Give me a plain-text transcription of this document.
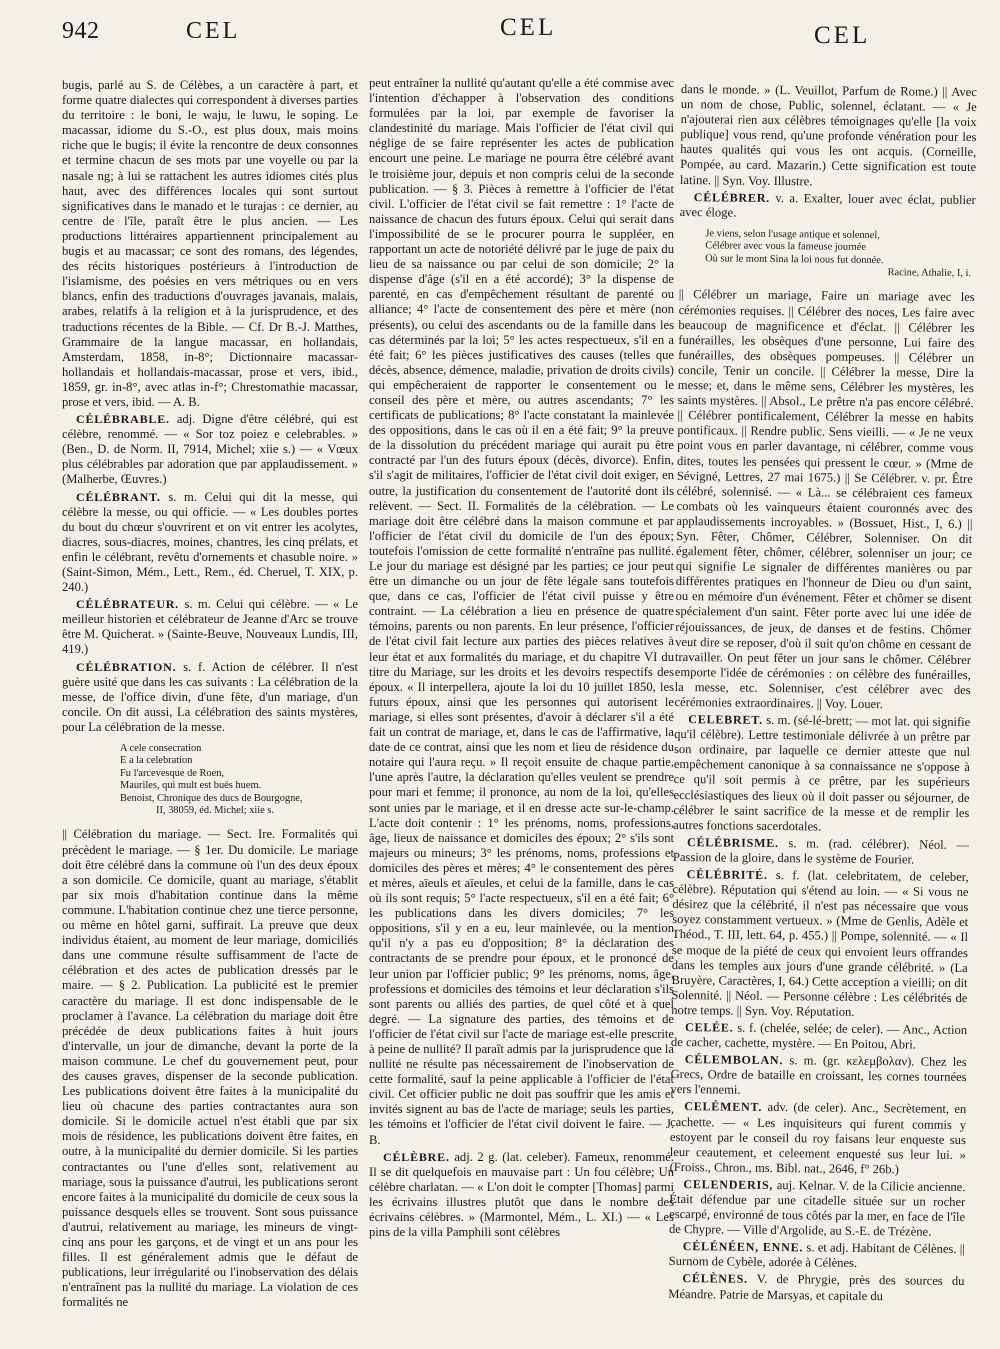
942	CEL	CEL	CEL

bugis, parlé au S. de Célèbes, a un caractère à part, et forme quatre dialectes qui correspondent à diverses parties du territoire : le boni, le waju, le luwu, le soping. Le macassar, idiome du S.-O., est plus doux, mais moins riche que le bugis; il évite la rencontre de deux consonnes et termine chacun de ses mots par une voyelle ou par la nasale ng; à lui se rattachent les autres idiomes cités plus haut, avec des différences locales qui sont surtout significatives dans le manado et le turajas : ce dernier, au centre de l'île, paraît être le plus ancien. — Les productions littéraires appartiennent principalement au bugis et au macassar; ce sont des romans, des légendes, des récits historiques postérieurs à l'introduction de l'islamisme, des poésies en vers métriques ou en vers blancs, enfin des traductions d'ouvrages javanais, malais, arabes, relatifs à la religion et à la jurisprudence, et des traductions récentes de la Bible. — Cf. Dr B.-J. Matthes, Grammaire de la langue macassar, en hollandais, Amsterdam, 1858, in-8°; Dictionnaire macassar-hollandais et hollandais-macassar, prose et vers, ibid., 1859, gr. in-8°, avec atlas in-f°; Chrestomathie macassar, prose et vers, ibid. — A. B.

CÉLÉBRABLE. adj. Digne d'être célébré, qui est célèbre, renommé. — « Sor toz poiez e celebrables. » (Ben., D. de Norm. II, 7914, Michel; xiie s.) — « Vœux plus célébrables par adoration que par applaudissement. » (Malherbe, Œuvres.)

CÉLÉBRANT. s. m. Celui qui dit la messe, qui célèbre la messe, ou qui officie. — « Les doubles portes du bout du chœur s'ouvrirent et on vit entrer les acolytes, diacres, sous-diacres, moines, chantres, les cinq prélats, et enfin le célébrant, revêtu d'ornements et chasuble noire. » (Saint-Simon, Mém., Lett., Rem., éd. Cheruel, T. XIX, p. 240.)

CÉLÉBRATEUR. s. m. Celui qui célèbre. — « Le meilleur historien et célébrateur de Jeanne d'Arc se trouve être M. Quicherat. » (Sainte-Beuve, Nouveaux Lundis, III, 419.)

CÉLÉBRATION. s. f. Action de célébrer. Il n'est guère usité que dans les cas suivants : La célébration de la messe, de l'office divin, d'une fête, d'un mariage, d'un concile. On dit aussi, La célébration des saints mystères, pour La célébration de la messe.

A cele consecration
E a la celebration
Fu l'arcevesque de Roen,
Mauriles, qui mult est bués huem.
Benoist, Chronique des ducs de Bourgogne,
II, 38059, éd. Michel; xiie s.

|| Célébration du mariage. — Sect. Ire. Formalités qui précèdent le mariage. — § 1er. Du domicile. Le mariage doit être célébré dans la commune où l'un des deux époux a son domicile. Ce domicile, quant au mariage, s'établit par six mois d'habitation continue dans la même commune. L'habitation continue chez une tierce personne, ou même en hôtel garni, suffirait. La preuve que deux individus étaient, au moment de leur mariage, domiciliés dans une commune résulte suffisamment de l'acte de célébration et des actes de publication dressés par le maire. — § 2. Publication. La publicité est le premier caractère du mariage. Il est donc indispensable de le proclamer à l'avance. La célébration du mariage doit être précédée de deux publications faites à huit jours d'intervalle, un jour de dimanche, devant la porte de la maison commune. Le chef du gouvernement peut, pour des causes graves, dispenser de la seconde publication. Les publications doivent être faites à la municipalité du lieu où chacune des parties contractantes aura son domicile. Si le domicile actuel n'est établi que par six mois de résidence, les publications doivent être faites, en outre, à la municipalité du dernier domicile. Si les parties contractantes ou l'une d'elles sont, relativement au mariage, sous la puissance d'autrui, les publications seront encore faites à la municipalité du domicile de ceux sous la puissance desquels elles se trouvent. Sont sous puissance d'autrui, relativement au mariage, les mineurs de vingt-cinq ans pour les garçons, et de vingt et un ans pour les filles. Il est généralement admis que le défaut de publications, leur irrégularité ou l'inobservation des délais n'entraînent pas la nullité du mariage. La violation de ces formalités ne

peut entraîner la nullité qu'autant qu'elle a été commise avec l'intention d'échapper à l'observation des conditions formulées par la loi, par exemple de favoriser la clandestinité du mariage. Mais l'officier de l'état civil qui néglige de se faire représenter les actes de publication encourt une peine. Le mariage ne pourra être célébré avant le troisième jour, depuis et non compris celui de la seconde publication. — § 3. Pièces à remettre à l'officier de l'état civil. L'officier de l'état civil se fait remettre : 1° l'acte de naissance de chacun des futurs époux. Celui qui serait dans l'impossibilité de se le procurer pourra le suppléer, en rapportant un acte de notoriété délivré par le juge de paix du lieu de sa naissance ou par celui de son domicile; 2° la dispense d'âge (s'il en a été accordé); 3° la dispense de parenté, en cas d'empêchement résultant de parenté ou alliance; 4° l'acte de consentement des père et mère (non présents), ou celui des ascendants ou de la famille dans les cas déterminés par la loi; 5° les actes respectueux, s'il en a été fait; 6° les pièces justificatives des causes (telles que décès, absence, démence, maladie, privation de droits civils) qui empêcheraient de rapporter le consentement ou le conseil des père et mère, ou autres ascendants; 7° les certificats de publications; 8° l'acte constatant la mainlevée des oppositions, dans le cas où il en a été fait; 9° la preuve de la dissolution du précédent mariage qui aurait pu être contracté par l'un des futurs époux (décès, divorce). Enfin, s'il s'agit de militaires, l'officier de l'état civil doit exiger, en outre, la justification du consentement de l'autorité dont ils relèvent. — Sect. II. Formalités de la célébration. — Le mariage doit être célébré dans la maison commune et par l'officier de l'état civil du domicile de l'un des époux; toutefois l'omission de cette formalité n'entraîne pas nullité. Le jour du mariage est désigné par les parties; ce jour peut être un dimanche ou un jour de fête légale sans toutefois que, dans ce cas, l'officier de l'état civil puisse y être contraint. — La célébration a lieu en présence de quatre témoins, parents ou non parents. En leur présence, l'officier de l'état civil fait lecture aux parties des pièces relatives à leur état et aux formalités du mariage, et du chapitre VI du titre du Mariage, sur les droits et les devoirs respectifs des époux. « Il interpellera, ajoute la loi du 10 juillet 1850, les futurs époux, ainsi que les personnes qui autorisent le mariage, si elles sont présentes, d'avoir à déclarer s'il a été fait un contrat de mariage, et, dans le cas de l'affirmative, la date de ce contrat, ainsi que les nom et lieu de résidence du notaire qui l'aura reçu. » Il reçoit ensuite de chaque partie, l'une après l'autre, la déclaration qu'elles veulent se prendre pour mari et femme; il prononce, au nom de la loi, qu'elles sont unies par le mariage, et il en dresse acte sur-le-champ. L'acte doit contenir : 1° les prénoms, noms, professions, âge, lieux de naissance et domiciles des époux; 2° s'ils sont majeurs ou mineurs; 3° les prénoms, noms, professions et domiciles des pères et mères; 4° le consentement des pères et mères, aïeuls et aïeules, et celui de la famille, dans le cas où ils sont requis; 5° l'acte respectueux, s'il en a été fait; 6° les publications dans les divers domiciles; 7° les oppositions, s'il y en a eu, leur mainlevée, ou la mention qu'il n'y a pas eu d'opposition; 8° la déclaration des contractants de se prendre pour époux, et le prononcé de leur union par l'officier public; 9° les prénoms, noms, âge, professions et domiciles des témoins et leur déclaration s'ils sont parents ou alliés des parties, de quel côté et à quel degré. — La signature des parties, des témoins et de l'officier de l'état civil sur l'acte de mariage est-elle prescrite à peine de nullité? Il paraît admis par la jurisprudence que la nullité ne résulte pas nécessairement de l'inobservation de cette formalité, sauf la peine applicable à l'officier de l'état civil. Cet officier public ne doit pas souffrir que les amis et invités signent au bas de l'acte de mariage; seuls les parties, les témoins et l'officier de l'état civil doivent le faire. — J. B.

CÉLÈBRE. adj. 2 g. (lat. celeber). Fameux, renommé. Il se dit quelquefois en mauvaise part : Un fou célèbre; Un célèbre charlatan. — « L'on doit le compter [Thomas] parmi les écrivains illustres plutôt que dans le nombre des écrivains célèbres. » (Marmontel, Mém., L. XI.) — « Les pins de la villa Pamphili sont célèbres

dans le monde. » (L. Veuillot, Parfum de Rome.) || Avec un nom de chose, Public, solennel, éclatant. — « Je n'ajouterai rien aux célèbres témoignages qu'elle [la voix publique] vous rend, qu'une profonde vénération pour les hautes qualités qui vous les ont acquis. (Corneille, Pompée, au card. Mazarin.) Cette signification est toute latine. || Syn. Voy. Illustre.

CÉLÉBRER. v. a. Exalter, louer avec éclat, publier avec éloge.

Je viens, selon l'usage antique et solennel,
Célébrer avec vous la fameuse journée
Où sur le mont Sina la loi nous fut donnée.
Racine, Athalie, I, i.

|| Célébrer un mariage, Faire un mariage avec les cérémonies requises. || Célébrer des noces, Les faire avec beaucoup de magnificence et d'éclat. || Célébrer les funérailles, les obsèques d'une personne, Lui faire des funérailles, des obsèques pompeuses. || Célébrer un concile, Tenir un concile. || Célébrer la messe, Dire la messe; et, dans le même sens, Célébrer les mystères, les saints mystères. || Absol., Le prêtre n'a pas encore célébré. || Célébrer pontificalement, Célébrer la messe en habits pontificaux. || Rendre public. Sens vieilli. — « Je ne veux point vous en parler davantage, ni célébrer, comme vous dites, toutes les pensées qui pressent le cœur. » (Mme de Sévigné, Lettres, 27 mai 1675.) || Se Célébrer. v. pr. Être célébré, solennisé. — « Là... se célébraient ces fameux combats où les vainqueurs étaient couronnés avec des applaudissements incroyables. » (Bossuet, Hist., I, 6.) || Syn. Fêter, Chômer, Célébrer, Solenniser. On dit également fêter, chômer, célébrer, solenniser un jour; ce qui signifie Le signaler de différentes manières ou par différentes pratiques en l'honneur de Dieu ou d'un saint, ou en mémoire d'un événement. Fêter et chômer se disent spécialement d'un saint. Fêter porte avec lui une idée de réjouissances, de jeux, de danses et de festins. Chômer veut dire se reposer, d'où il suit qu'on chôme en cessant de travailler. On peut fêter un jour sans le chômer. Célébrer emporte l'idée de cérémonies : on célèbre des funérailles, la messe, etc. Solenniser, c'est célébrer avec des cérémonies extraordinaires. || Voy. Louer.

CELEBRET. s. m. (sé-lé-brett; — mot lat. qui signifie qu'il célèbre). Lettre testimoniale délivrée à un prêtre par son ordinaire, par laquelle ce dernier atteste que nul empêchement canonique à sa connaissance ne s'oppose à ce qu'il soit permis à ce prêtre, par les supérieurs ecclésiastiques des lieux où il doit passer ou séjourner, de célébrer le saint sacrifice de la messe et de remplir les autres fonctions sacerdotales.

CÉLÉBRISME. s. m. (rad. célébrer). Néol. — Passion de la gloire, dans le système de Fourier.

CÉLÉBRITÉ. s. f. (lat. celebritatem, de celeber, célèbre). Réputation qui s'étend au loin. — « Si vous ne désirez que la célébrité, il n'est pas nécessaire que vous soyez constamment vertueux. » (Mme de Genlis, Adèle et Théod., T. III, lett. 64, p. 455.) || Pompe, solennité. — « Il se moque de la piété de ceux qui envoient leurs offrandes dans les temples aux jours d'une grande célébrité. » (La Bruyère, Caractères, I, 64.) Cette acception a vieilli; on dit Solennité. || Néol. — Personne célèbre : Les célébrités de notre temps. || Syn. Voy. Réputation.

CELÉE. s. f. (chelée, selée; de celer). — Anc., Action de cacher, cachette, mystère. — En Poitou, Abri.

CÉLEMBOLAN. s. m. (gr. κελεμβολαν). Chez les Grecs, Ordre de bataille en croissant, les cornes tournées vers l'ennemi.

CELÉMENT. adv. (de celer). Anc., Secrètement, en cachette. — « Les inquisiteurs qui furent commis y estoyent par le conseil du roy faisans leur enqueste sus leur ceautement, et celeement enquesté sus leur lui. » (Froiss., Chron., ms. Bibl. nat., 2646, f° 26b.)

CELENDERIS, auj. Kelnar. V. de la Cilicie ancienne. Était défendue par une citadelle située sur un rocher escarpé, environné de tous côtés par la mer, en face de l'île de Chypre. — Ville d'Argolide, au S.-E. de Trézène.

CÉLÉNÉEN, ENNE. s. et adj. Habitant de Célènes. || Surnom de Cybèle, adorée à Célènes.

CÉLÈNES. V. de Phrygie, près des sources du Méandre. Patrie de Marsyas, et capitale du
